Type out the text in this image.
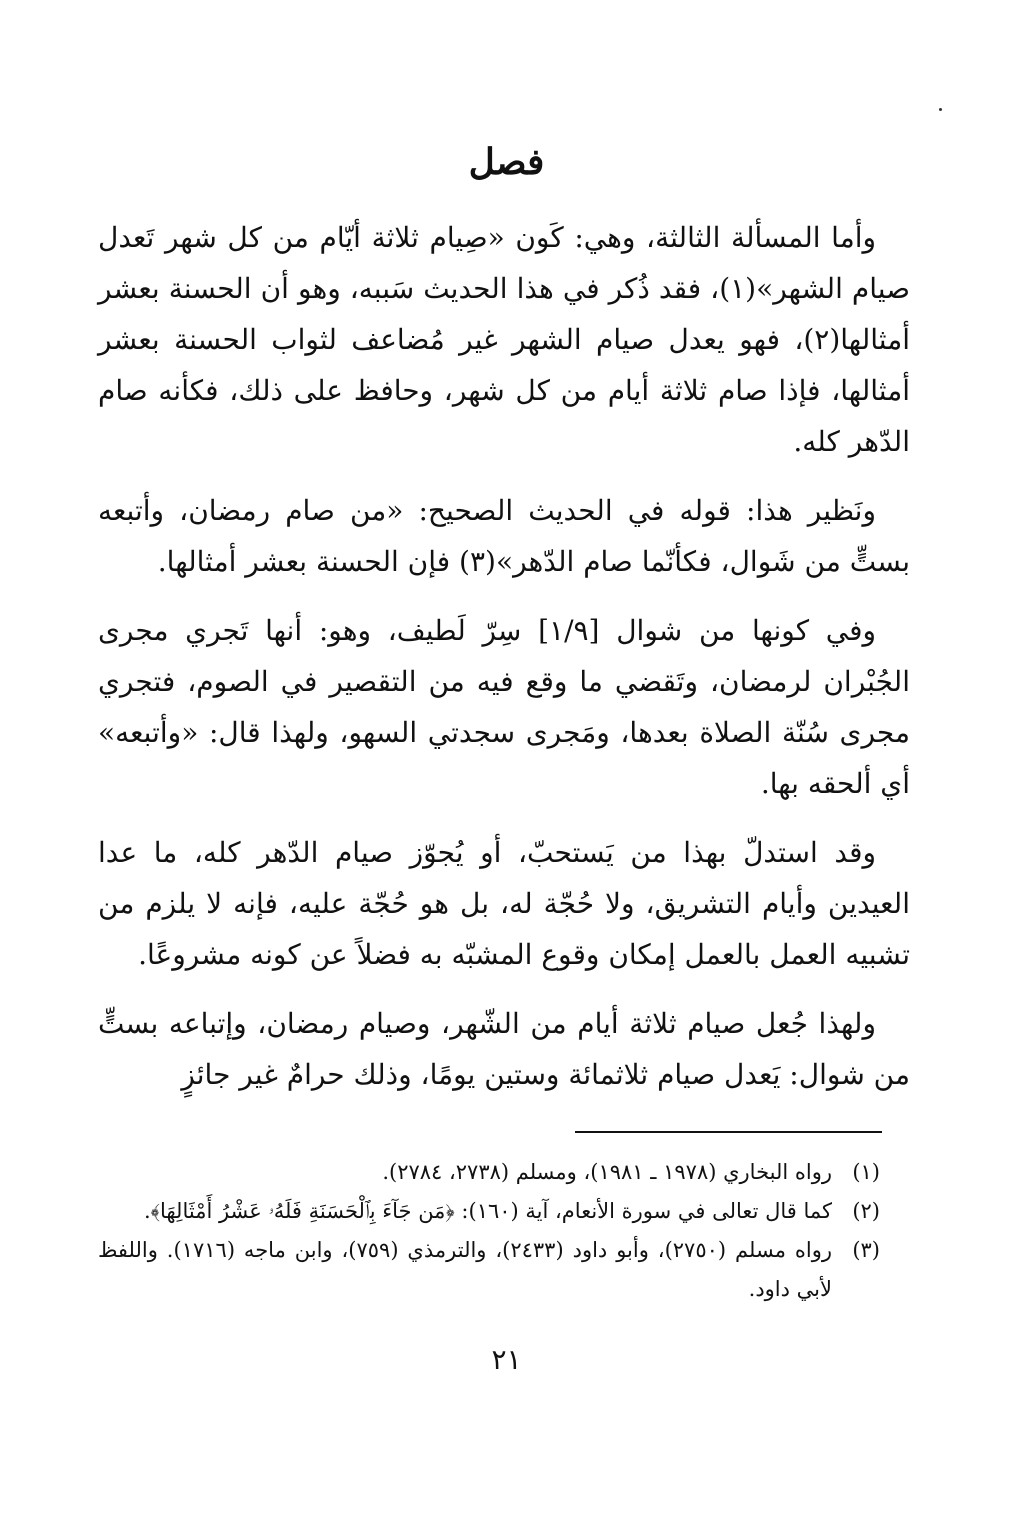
فصل

وأما المسألة الثالثة، وهي: كَون «صِيام ثلاثة أيّام من كل شهر تَعدل صيام الشهر»(١)، فقد ذُكر في هذا الحديث سَببه، وهو أن الحسنة بعشر أمثالها(٢)، فهو يعدل صيام الشهر غير مُضاعف لثواب الحسنة بعشر أمثالها، فإذا صام ثلاثة أيام من كل شهر، وحافظ على ذلك، فكأنه صام الدّهر كله.

ونَظير هذا: قوله في الحديث الصحيح: «من صام رمضان، وأتبعه بستٍّ من شَوال، فكأنّما صام الدّهر»(٣) فإن الحسنة بعشر أمثالها.

وفي كونها من شوال [١/٩] سِرّ لَطيف، وهو: أنها تَجري مجرى الجُبْران لرمضان، وتَقضي ما وقع فيه من التقصير في الصوم، فتجري مجرى سُنّة الصلاة بعدها، ومَجرى سجدتي السهو، ولهذا قال: «وأتبعه» أي ألحقه بها.

وقد استدلّ بهذا من يَستحبّ، أو يُجوّز صيام الدّهر كله، ما عدا العيدين وأيام التشريق، ولا حُجّة له، بل هو حُجّة عليه، فإنه لا يلزم من تشبيه العمل بالعمل إمكان وقوع المشبّه به فضلاً عن كونه مشروعًا.

ولهذا جُعل صيام ثلاثة أيام من الشّهر، وصيام رمضان، وإتباعه بستٍّ من شوال: يَعدل صيام ثلاثمائة وستين يومًا، وذلك حرامٌ غير جائزٍ

(١)
رواه البخاري (١٩٧٨ ـ ١٩٨١)، ومسلم (٢٧٣٨، ٢٧٨٤).
(٢)
كما قال تعالى في سورة الأنعام، آية (١٦٠): ﴿مَن جَآءَ بِٱلْحَسَنَةِ فَلَهُۥ عَشْرُ أَمْثَالِهَا﴾.
(٣)
رواه مسلم (٢٧٥٠)، وأبو داود (٢٤٣٣)، والترمذي (٧٥٩)، وابن ماجه (١٧١٦). واللفظ لأبي داود.
٢١
